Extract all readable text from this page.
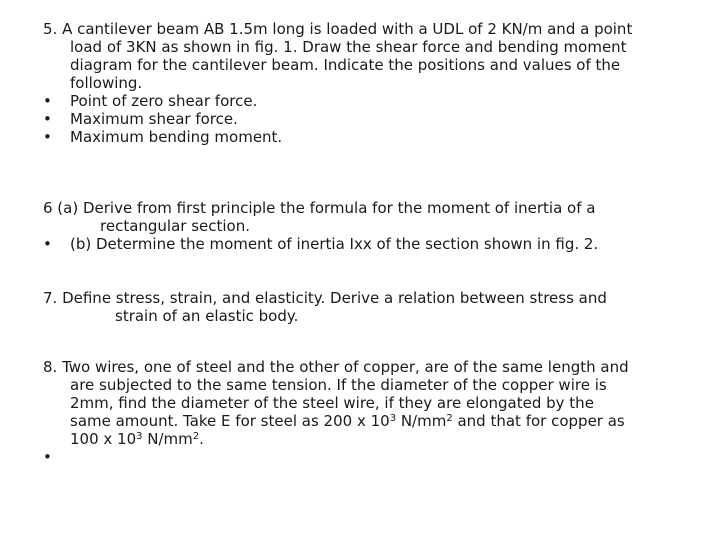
5. A cantilever beam AB 1.5m long is loaded with a UDL of 2 KN/m and a point

load of 3KN as shown in fig. 1. Draw the shear force and bending moment

diagram for the cantilever beam. Indicate the positions and values of the

following.

•	Point of zero shear force.
•	Maximum shear force.
•	Maximum bending moment.

6 (a) Derive from first principle the formula for the moment of inertia of a

rectangular section.

•	(b) Determine the moment of inertia Ixx of the section shown in fig. 2.

7. Define stress, strain, and elasticity. Derive a relation between stress and

strain of an elastic body.

8. Two wires, one of steel and the other of copper, are of the same length and

are subjected to the same tension. If the diameter of the copper wire is

2mm, find the diameter of the steel wire, if they are elongated by the

same amount. Take E for steel as 200 x $10^3$ $N/mm^2$ and that for copper as

100 x $10^3$ $N/mm^2$.

•
